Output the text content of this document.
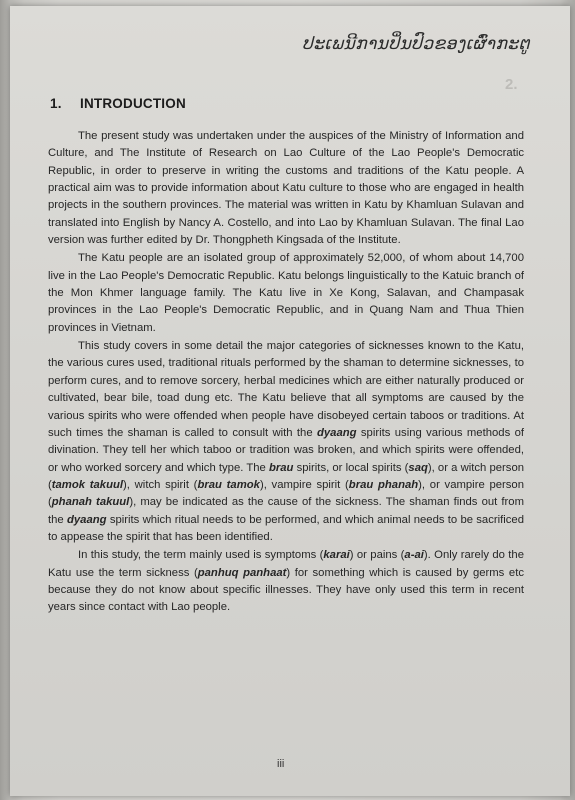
ປະເພນີການປິ່ນປົວຂອງເຜົ່າກະຕູ
2.
1. INTRODUCTION

The present study was undertaken under the auspices of the Ministry of Information and Culture, and The Institute of Research on Lao Culture of the Lao People's Democratic Republic, in order to preserve in writing the customs and traditions of the Katu people. A practical aim was to provide information about Katu culture to those who are engaged in health projects in the southern provinces. The material was written in Katu by Khamluan Sulavan and translated into English by Nancy A. Costello, and into Lao by Khamluan Sulavan. The final Lao version was further edited by Dr. Thongpheth Kingsada of the Institute.

The Katu people are an isolated group of approximately 52,000, of whom about 14,700 live in the Lao People's Democratic Republic. Katu belongs linguistically to the Katuic branch of the Mon Khmer language family. The Katu live in Xe Kong, Salavan, and Champasak provinces in the Lao People's Democratic Republic, and in Quang Nam and Thua Thien provinces in Vietnam.

This study covers in some detail the major categories of sicknesses known to the Katu, the various cures used, traditional rituals performed by the shaman to determine sicknesses, to perform cures, and to remove sorcery, herbal medicines which are either naturally produced or cultivated, bear bile, toad dung etc. The Katu believe that all symptoms are caused by the various spirits who were offended when people have disobeyed certain taboos or traditions. At such times the shaman is called to consult with the dyaang spirits using various methods of divination. They tell her which taboo or tradition was broken, and which spirits were offended, or who worked sorcery and which type. The brau spirits, or local spirits (saq), or a witch person (tamok takuul), witch spirit (brau tamok), vampire spirit (brau phanah), or vampire person (phanah takuul), may be indicated as the cause of the sickness. The shaman finds out from the dyaang spirits which ritual needs to be performed, and which animal needs to be sacrificed to appease the spirit that has been identified.

In this study, the term mainly used is symptoms (karai) or pains (a-ai). Only rarely do the Katu use the term sickness (panhuq panhaat) for something which is caused by germs etc because they do not know about specific illnesses. They have only used this term in recent years since contact with Lao people.

iii
